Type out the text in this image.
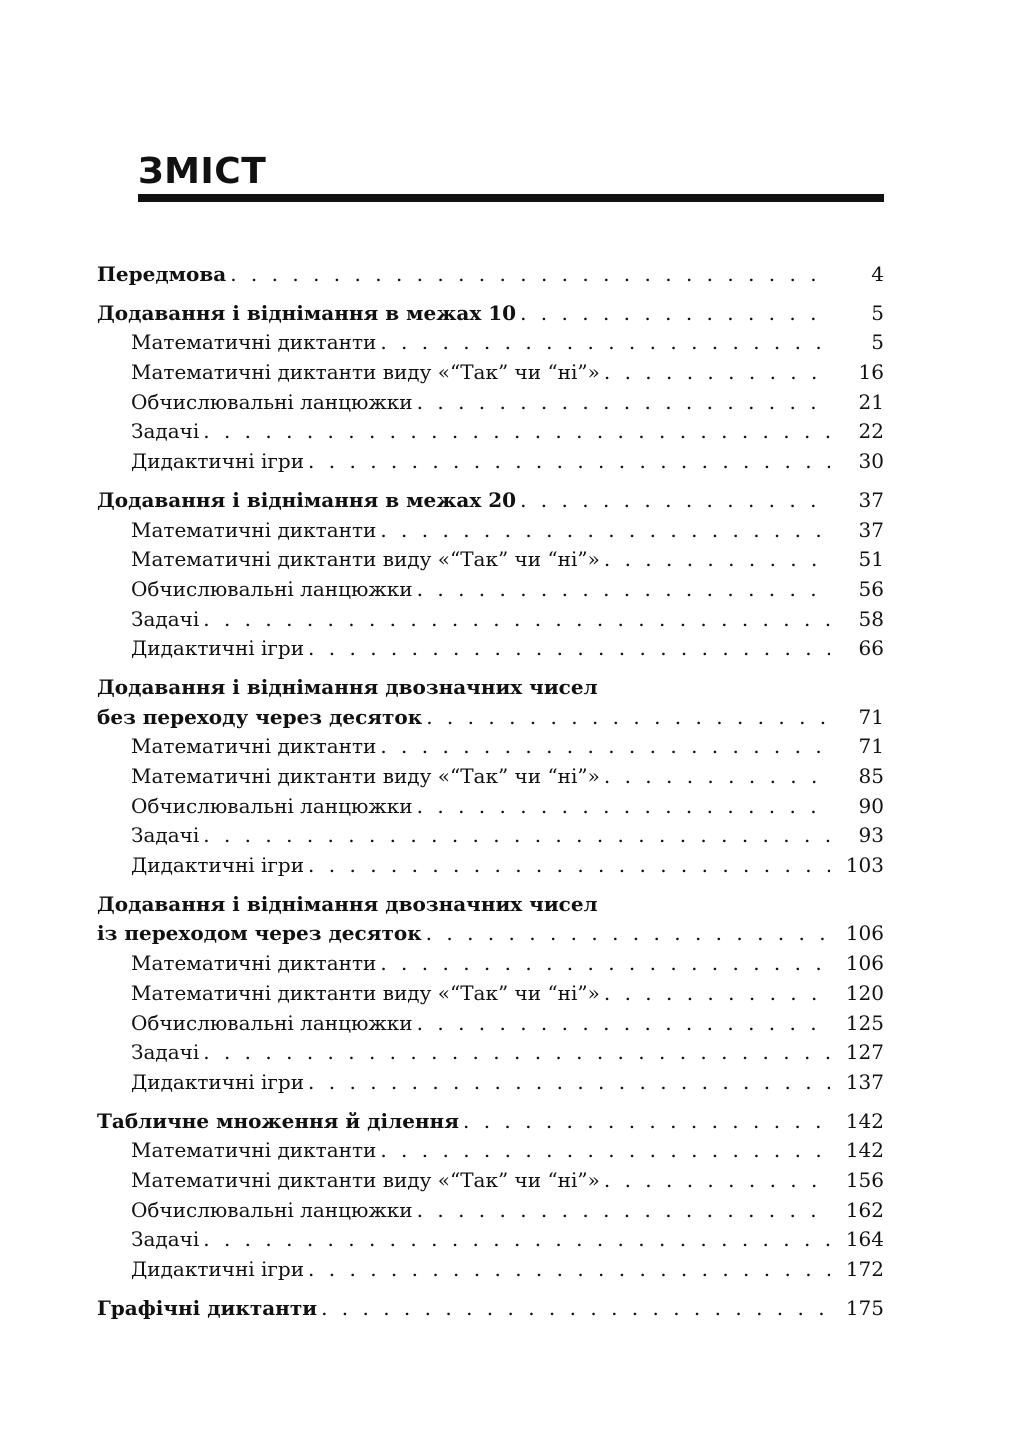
ЗМІСТ
Передмова . . .	4
Додавання і віднімання в межах 10 . . .	5
Математичні диктанти . . .	5
Математичні диктанти виду «“Так” чи “ні”» . . .	16
Обчислювальні ланцюжки . . .	21
Задачі . . .	22
Дидактичні ігри . . .	30
Додавання і віднімання в межах 20 . . .	37
Математичні диктанти . . .	37
Математичні диктанти виду «“Так” чи “ні”» . . .	51
Обчислювальні ланцюжки . . .	56
Задачі . . .	58
Дидактичні ігри . . .	66
Додавання і віднімання двозначних чисел
без переходу через десяток . . .	71
Математичні диктанти . . .	71
Математичні диктанти виду «“Так” чи “ні”» . . .	85
Обчислювальні ланцюжки . . .	90
Задачі . . .	93
Дидактичні ігри . . .	103
Додавання і віднімання двозначних чисел
із переходом через десяток . . .	106
Математичні диктанти . . .	106
Математичні диктанти виду «“Так” чи “ні”» . . .	120
Обчислювальні ланцюжки . . .	125
Задачі . . .	127
Дидактичні ігри . . .	137
Табличне множення й ділення . . .	142
Математичні диктанти . . .	142
Математичні диктанти виду «“Так” чи “ні”» . . .	156
Обчислювальні ланцюжки . . .	162
Задачі . . .	164
Дидактичні ігри . . .	172
Графічні диктанти . . .	175
